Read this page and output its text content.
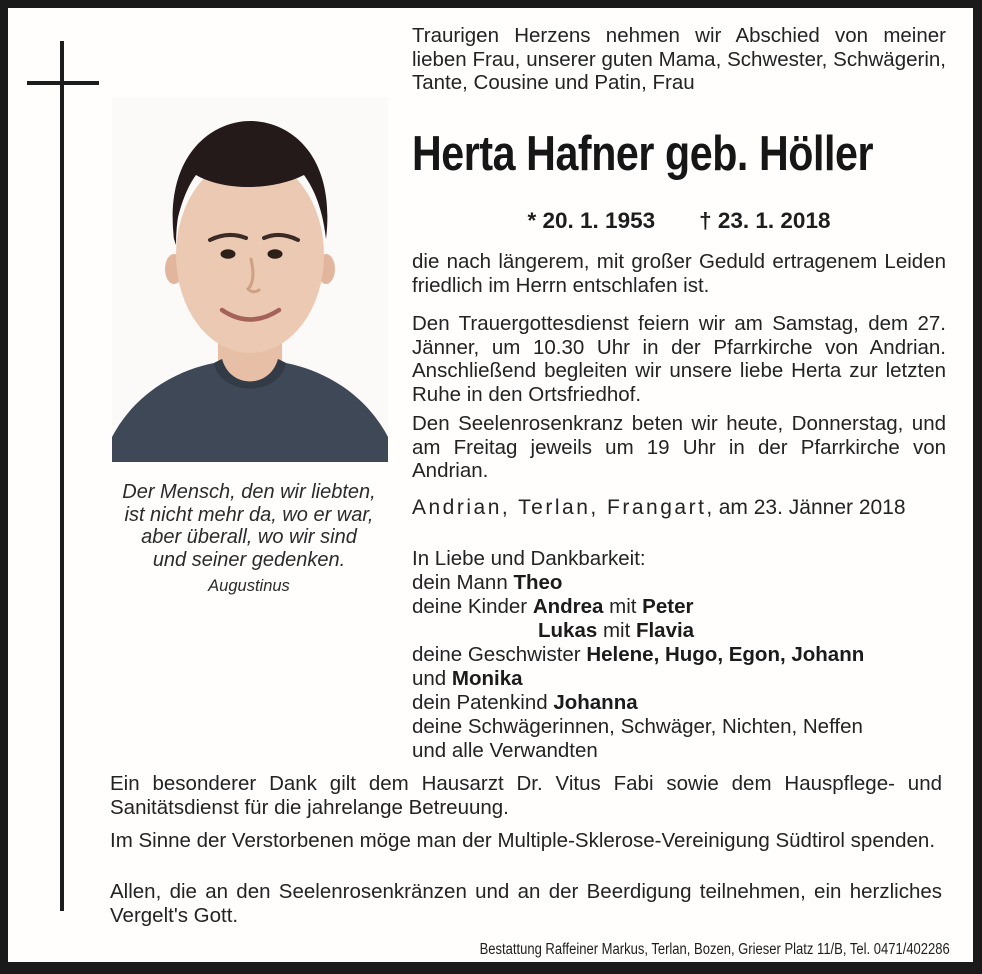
Der Mensch, den wir liebten,
ist nicht mehr da, wo er war,
aber überall, wo wir sind
und seiner gedenken.
Augustinus
Traurigen Herzens nehmen wir Abschied von meiner lieben Frau, unserer guten Mama, Schwester, Schwägerin, Tante, Cousine und Patin, Frau
Herta Hafner geb. Höller
* 20. 1. 1953 † 23. 1. 2018
die nach längerem, mit großer Geduld ertragenem Leiden friedlich im Herrn entschlafen ist.
Den Trauergottesdienst feiern wir am Samstag, dem 27. Jänner, um 10.30 Uhr in der Pfarrkirche von Andrian. Anschließend begleiten wir unsere liebe Herta zur letzten Ruhe in den Ortsfriedhof.
Den Seelenrosenkranz beten wir heute, Donnerstag, und am Freitag jeweils um 19 Uhr in der Pfarrkirche von Andrian.
Andrian, Terlan, Frangart, am 23. Jänner 2018
In Liebe und Dankbarkeit:
dein Mann Theo
deine Kinder Andrea mit Peter
Lukas mit Flavia
deine Geschwister Helene, Hugo, Egon, Johann
und Monika
dein Patenkind Johanna
deine Schwägerinnen, Schwäger, Nichten, Neffen
und alle Verwandten
Ein besonderer Dank gilt dem Hausarzt Dr. Vitus Fabi sowie dem Hauspflege- und Sanitätsdienst für die jahrelange Betreuung.
Im Sinne der Verstorbenen möge man der Multiple-Sklerose-Vereinigung Südtirol spenden.
Allen, die an den Seelenrosenkränzen und an der Beerdigung teilnehmen, ein herzliches Vergelt's Gott.
Bestattung Raffeiner Markus, Terlan, Bozen, Grieser Platz 11/B, Tel. 0471/402286
